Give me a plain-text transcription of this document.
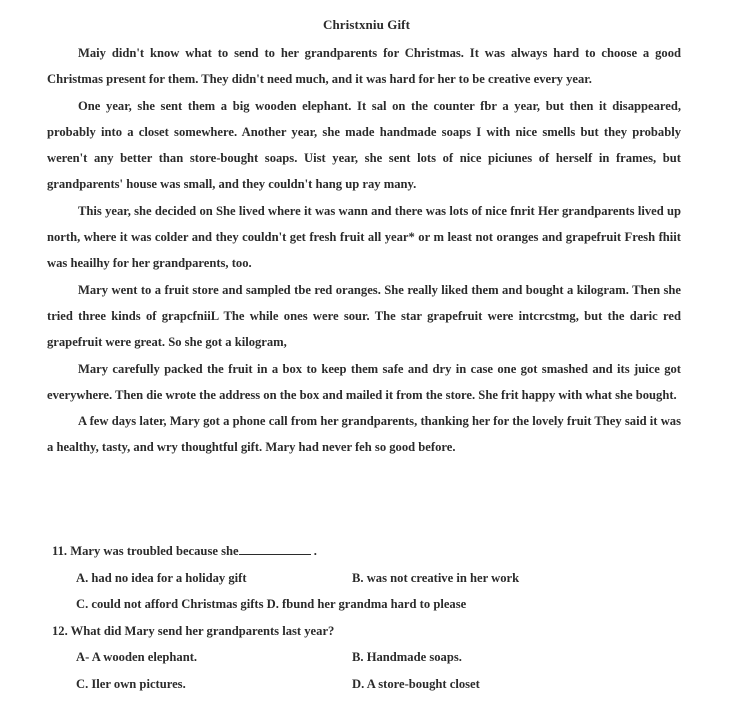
Christxniu Gift

Maiy didn't know what to send to her grandparents for Christmas. It was always hard to choose a good Christmas present for them. They didn't need much, and it was hard for her to be creative every year.

One year, she sent them a big wooden elephant. It sal on the counter fbr a year, but then it disappeared, probably into a closet somewhere. Another year, she made handmade soaps I with nice smells but they probably weren't any better than store-bought soaps. Uist year, she sent lots of nice piciunes of herself in frames, but grandparents' house was small, and they couldn't hang up ray many.

This year, she decided on She lived where it was wann and there was lots of nice fnrit Her grandparents lived up north, where it was colder and they couldn't get fresh fruit all year* or m least not oranges and grapefruit Fresh fhiit was heailhy for her grandparents, too.

Mary went to a fruit store and sampled tbe red oranges. She really liked them and bought a kilogram. Then she tried three kinds of grapcfniiL The while ones were sour. The star grapefruit were intcrcstmg, but the daric red grapefruit were great. So she got a kilogram,

Mary carefully packed the fruit in a box to keep them safe and dry in case one got smashed and its juice got everywhere. Then die wrote the address on the box and mailed it from the store. She frit happy with what she bought.

A few days later, Mary got a phone call from her grandparents, thanking her for the lovely fruit They said it was a healthy, tasty, and wry thoughtful gift. Mary had never feh so good before.

11. Mary was troubled because she	.
A. had no idea for a holiday gift	B. was not creative in her work
C. could not afford Christmas gifts D. fbund her grandma hard to please
12. What did Mary send her grandparents last year?
A- A wooden elephant.	B. Handmade soaps.
C. Iler own pictures.	D. A store-bought closet
